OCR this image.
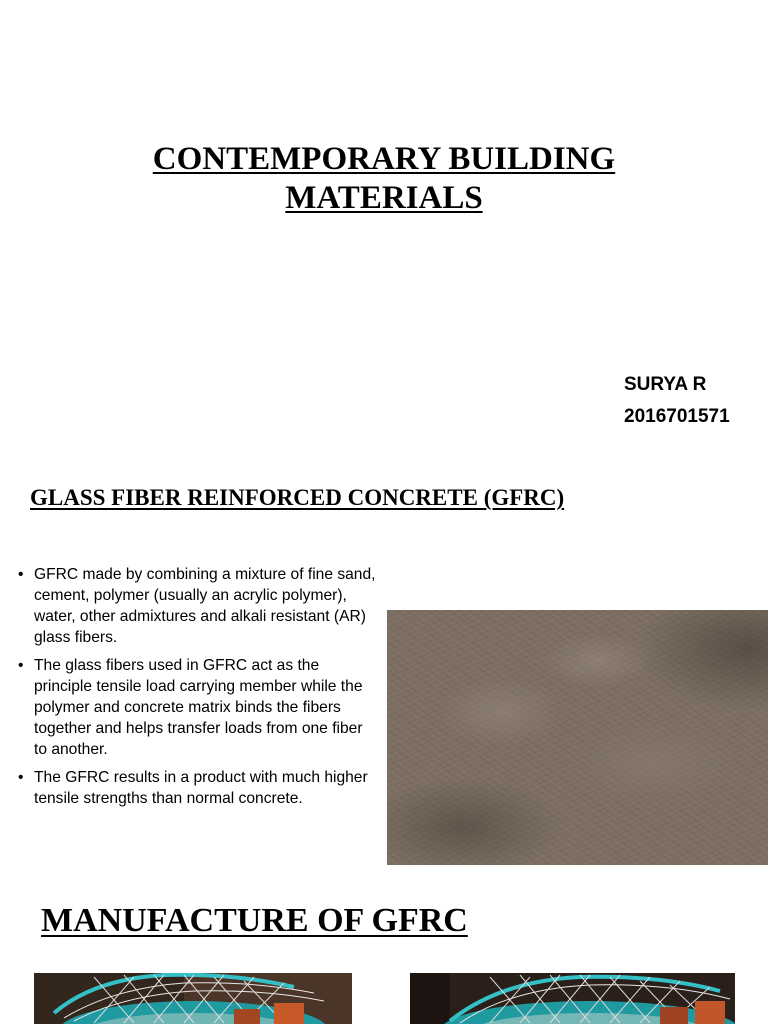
CONTEMPORARY BUILDING MATERIALS
SURYA R
2016701571
GLASS FIBER REINFORCED CONCRETE (GFRC)
• GFRC made by combining a mixture of fine sand, cement, polymer (usually an acrylic polymer), water, other admixtures and alkali resistant (AR) glass fibers.
• The glass fibers used in GFRC act as the principle tensile load carrying member while the polymer and concrete matrix binds the fibers together and helps transfer loads from one fiber to another.
• The GFRC results in a product with much higher tensile strengths than normal concrete.
MANUFACTURE OF GFRC
